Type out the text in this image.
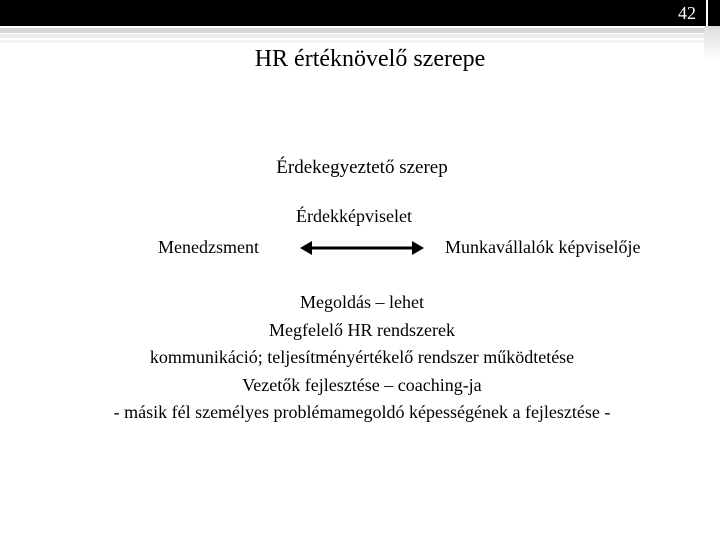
42
HR értéknövelő szerepe
Érdekegyeztető szerep
Érdekképviselet
Menedzsment	Munkavállalók képviselője
Megoldás – lehet
Megfelelő HR rendszerek
kommunikáció; teljesítményértékelő rendszer működtetése
Vezetők fejlesztése – coaching-ja
- másik fél személyes problémamegoldó képességének a fejlesztése -
